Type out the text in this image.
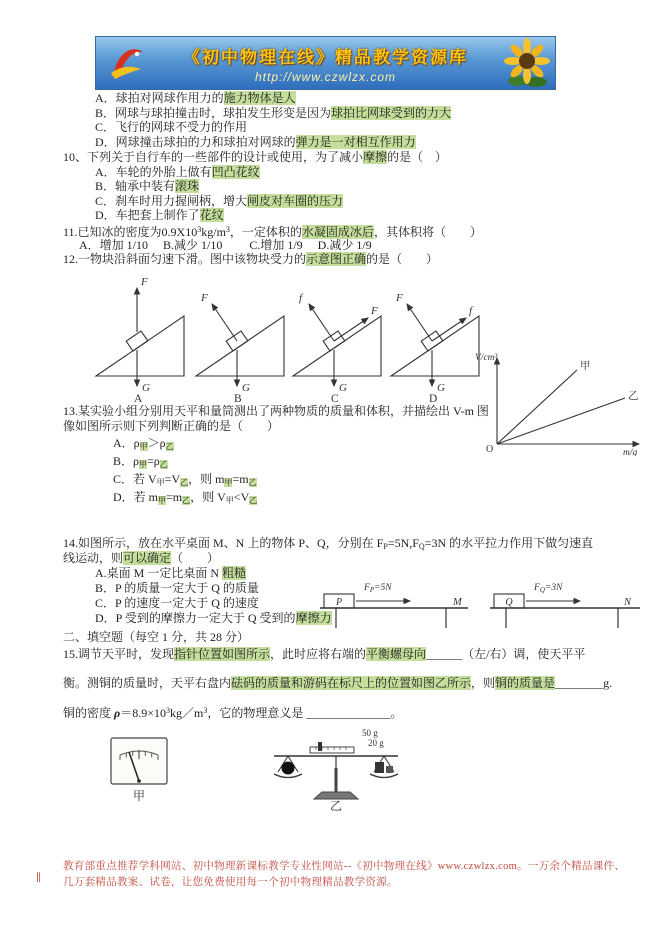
《初中物理在线》精品教学资源库
http://www.czwlzx.com
A．球拍对网球作用力的施力物体是人
B．网球与球拍撞击时，球拍发生形变是因为球拍比网球受到的力大
C．飞行的网球不受力的作用
D．网球撞击球拍的力和球拍对网球的弹力是一对相互作用力
10、下列关于自行车的一些部件的设计或使用，为了减小摩擦的是（　）
A．车轮的外胎上做有凹凸花纹
B．轴承中装有滚珠
C．刹车时用力握闸柄，增大闸皮对车圈的压力
D．车把套上制作了花纹
11.已知冰的密度为$0.9X10^3kg/m^3$，一定体积的水凝固成冰后，其体积将（　　）
A．增加 1/10　 B.减少 1/10　　 C.增加 1/9　 D.减少 1/9
12.一物块沿斜面匀速下滑。图中该物块受力的示意图正确的是（　　）
F
G
A
F
G
B
f
F
G
C
F
f
G
D
V/cm³
m/g
O
甲
乙
13.某实验小组分别用天平和量筒测出了两种物质的质量和体积，并描绘出 V-m 图
像如图所示则下列判断正确的是（　　）
A．$\rho_甲>\rho_乙$
B．$\rho_甲=\rho_乙$
C．若 $V_甲=V_乙$，则 $m_甲=m_乙$
D．若 $m_甲=m_乙$，则 $V_甲<V_乙$
14.如图所示，放在水平桌面 M、N 上的物体 P、Q，分别在 $F_P=5N,F_Q=3N$ 的水平拉力作用下做匀速直
线运动，则可以确定（　　）
A.桌面 M 一定比桌面 N 粗糙
B．P 的质量一定大于 Q 的质量
C．P 的速度一定大于 Q 的速度
D．P 受到的摩擦力一定大于 Q 受到的摩擦力
P
$F_P=5N$
M	Q
$F_Q=3N$
N
二、填空题（每空 1 分，共 28 分）
15.调节天平时，发现指针位置如图所示，此时应将右端的平衡螺母向______（左/右）调，使天平平
衡。测铜的质量时，天平右盘内砝码的质量和游码在标尺上的位置如图乙所示，则铜的质量是________g.
铜的密度 $\rho=8.9\times 10^3kg/m^3$，它的物理意义是 ______________。
甲
50 g
20 g
乙
∥
教育部重点推荐学科网站、初中物理新课标教学专业性网站--《初中物理在线》www.czwlzx.com。一万余个精品课件、
几万套精品教案、试卷，让您免费使用每一个初中物理精品教学资源。
